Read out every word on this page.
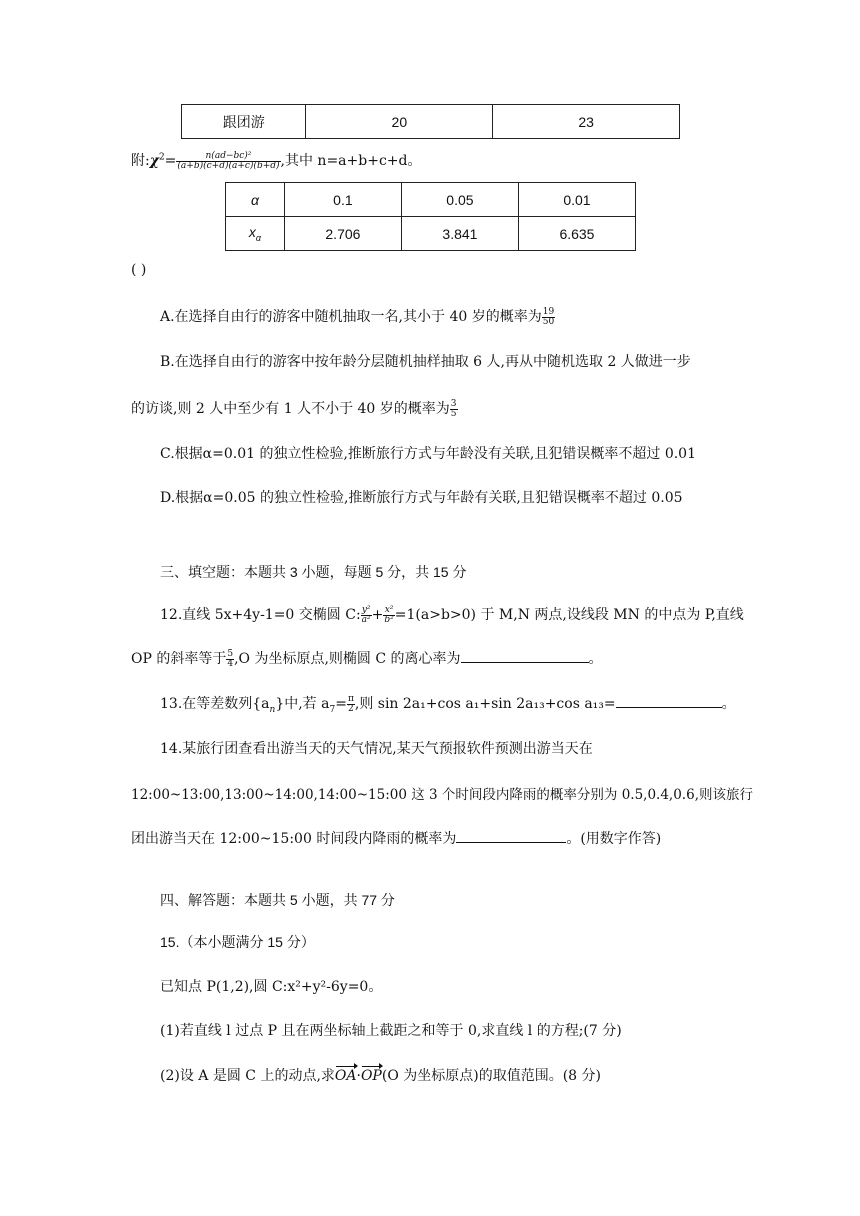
跟团游	20	23
附$:\chi^2= \frac{\text{n(ad−bc)²}}{(a+b)(c+d)(a+c)(b+d)}$ ,其中 n=a+b+c+d。
α	0.1	0.05	0.01
$x_\alpha$	2.706	3.841	6.635
( )
A.在选择自由行的游客中随机抽取一名,其小于 40 岁的概率为 $\frac{19}{50}$
B.在选择自由行的游客中按年龄分层随机抽样抽取 6 人,再从中随机选取 2 人做进一步
的访谈,则 2 人中至少有 1 人不小于 40 岁的概率为 $\frac{3}{5}$
C.根据α=0.01 的独立性检验,推断旅行方式与年龄没有关联,且犯错误概率不超过 0.01
D.根据α=0.05 的独立性检验,推断旅行方式与年龄有关联,且犯错误概率不超过 0.05
三、填空题：本题共 3 小题，每题 5 分，共 15 分
12.直线 5x+4y-1=0 交椭圆 C: $\frac{\text{y²}}{\text{a²}} + \frac{\text{x²}}{\text{b²}} =1(a>b>0)$ 于 M,N 两点,设线段 MN 的中点为 P,直线
OP 的斜率等于 $\frac{5}{4} ,O$ 为坐标原点,则椭圆 C 的离心率为	。
13.在等差数列$\{a_n\}$中,若 $a_7= \frac{\pi}{2}$ ,则 sin 2a₁+cos a₁+sin 2a₁₃+cos a₁₃=	。
14.某旅行团查看出游当天的天气情况,某天气预报软件预测出游当天在
12:00~13:00,13:00~14:00,14:00~15:00 这 3 个时间段内降雨的概率分别为 0.5,0.4,0.6,则该旅行
团出游当天在 12:00~15:00 时间段内降雨的概率为	。(用数字作答)
四、解答题：本题共 5 小题，共 77 分
15.（本小题满分 15 分）
已知点 P(1,2),圆 C:x²+y²-6y=0。
(1)若直线 l 过点 P 且在两坐标轴上截距之和等于 0,求直线 l 的方程;(7 分)
(2)设 A 是圆 C 上的动点,求OA·OP(O 为坐标原点)的取值范围。(8 分)
